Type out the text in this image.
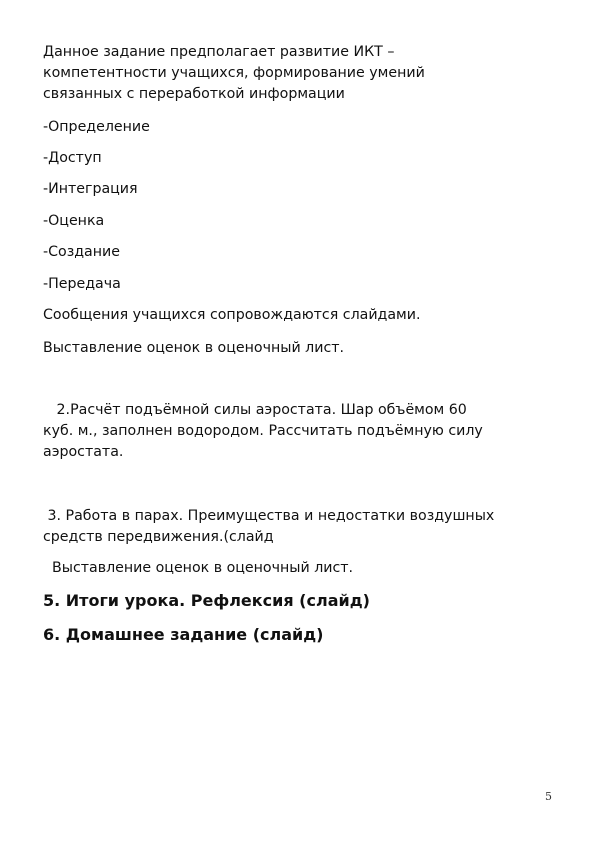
Данное задание предполагает развитие ИКТ –

компетентности учащихся, формирование умений

связанных с переработкой информации

-Определение

-Доступ

-Интеграция

-Оценка

-Создание

-Передача

Сообщения учащихся сопровождаются слайдами.

Выставление оценок в оценочный лист.

2.Расчёт подъёмной силы аэростата. Шар объёмом 60

куб. м., заполнен водородом. Рассчитать подъёмную силу

аэростата.

3. Работа в парах. Преимущества и недостатки воздушных

средств передвижения.(слайд

Выставление оценок в оценочный лист.

5. Итоги урока. Рефлексия (слайд)

6. Домашнее задание (слайд)

5
